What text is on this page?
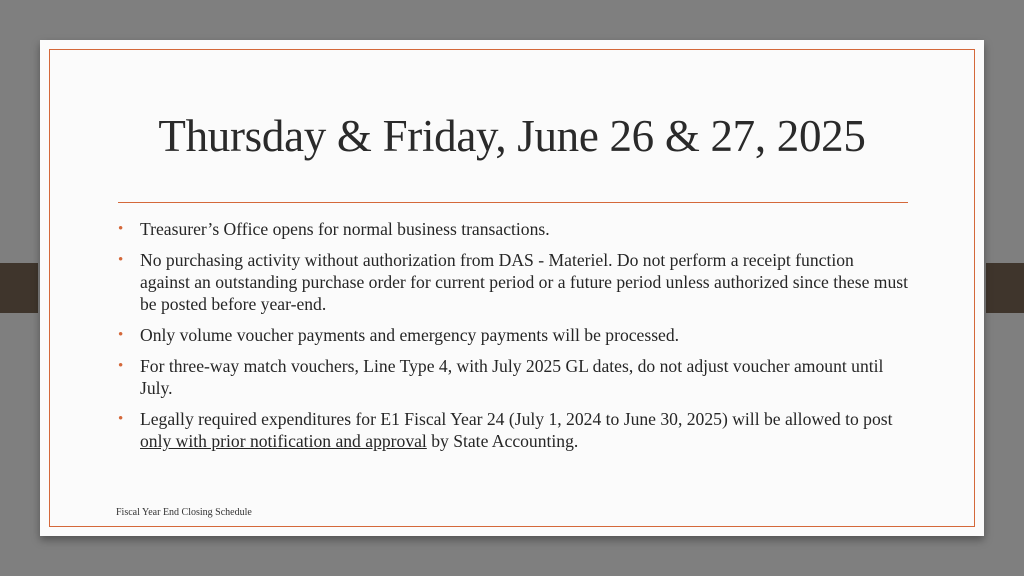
Thursday & Friday, June 26 & 27, 2025
• Treasurer’s Office opens for normal business transactions.
• No purchasing activity without authorization from DAS - Materiel. Do not perform a receipt function against an outstanding purchase order for current period or a future period unless authorized since these must be posted before year-end.
• Only volume voucher payments and emergency payments will be processed.
• For three-way match vouchers, Line Type 4, with July 2025 GL dates, do not adjust voucher amount until July.
• Legally required expenditures for E1 Fiscal Year 24 (July 1, 2024 to June 30, 2025) will be allowed to post only with prior notification and approval by State Accounting.
Fiscal Year End Closing Schedule
